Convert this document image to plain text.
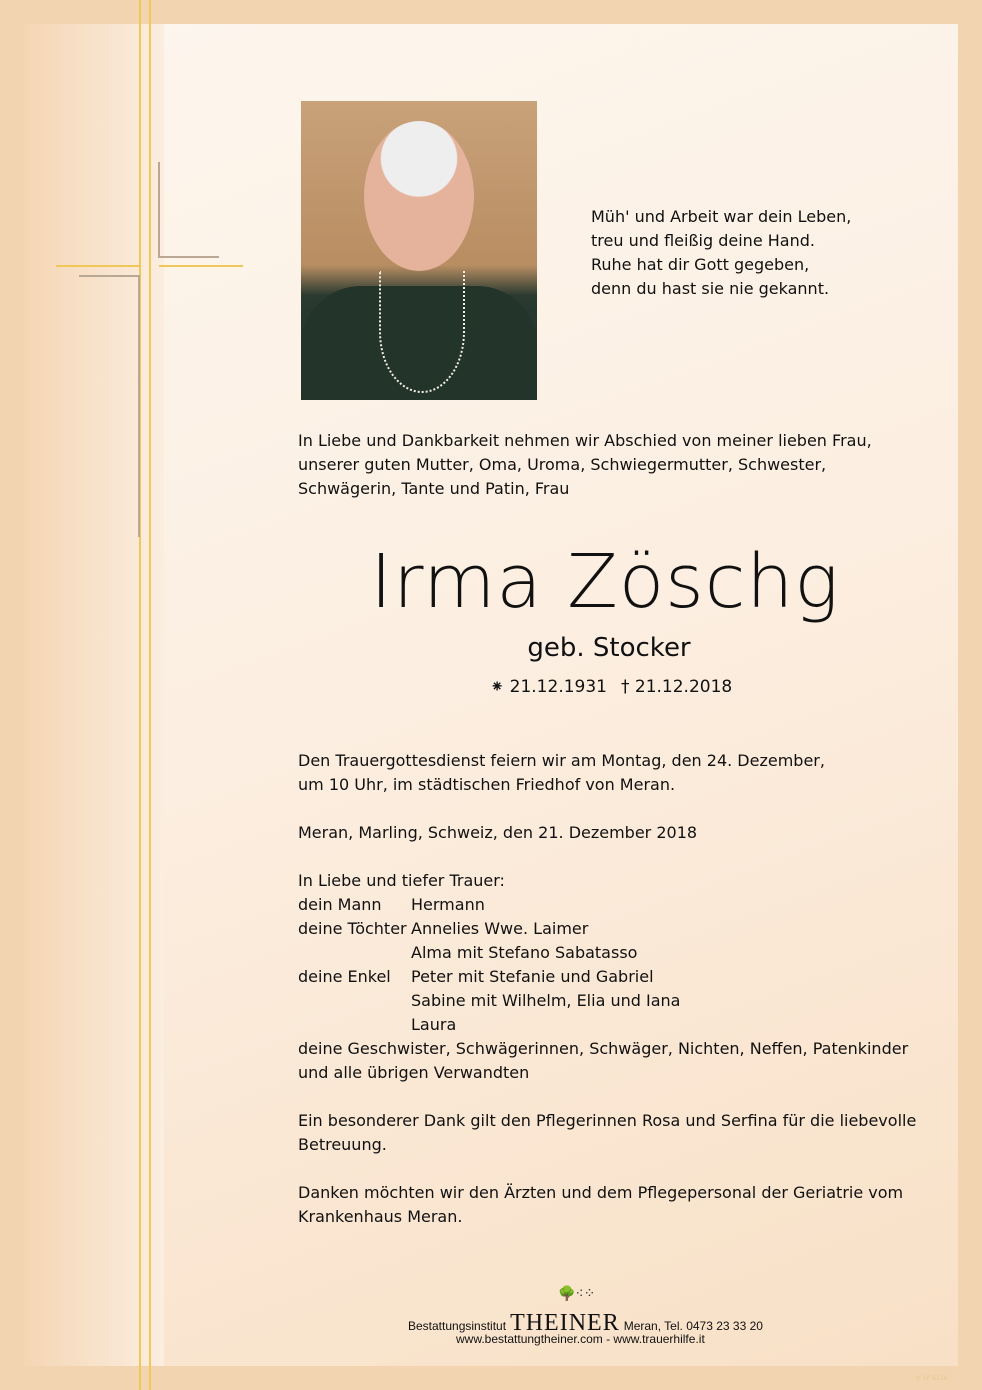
Müh' und Arbeit war dein Leben,
treu und fleißig deine Hand.
Ruhe hat dir Gott gegeben,
denn du hast sie nie gekannt.
In Liebe und Dankbarkeit nehmen wir Abschied von meiner lieben Frau, unserer guten Mutter, Oma, Uroma, Schwiegermutter, Schwester, Schwägerin, Tante und Patin, Frau
Irma Zöschg
geb. Stocker
⁕ 21.12.1931 † 21.12.2018
Den Trauergottesdienst feiern wir am Montag, den 24. Dezember,
um 10 Uhr, im städtischen Friedhof von Meran.
Meran, Marling, Schweiz, den 21. Dezember 2018
In Liebe und tiefer Trauer:
dein Mann	Hermann
deine Töchter Annelies Wwe. Laimer
Alma mit Stefano Sabatasso
deine Enkel	Peter mit Stefanie und Gabriel
Sabine mit Wilhelm, Elia und Iana
Laura
deine Geschwister, Schwägerinnen, Schwäger, Nichten, Neffen, Patenkinder
und alle übrigen Verwandten
Ein besonderer Dank gilt den Pflegerinnen Rosa und Serfina für die liebevolle
Betreuung.
Danken möchten wir den Ärzten und dem Pflegepersonal der Geriatrie vom
Krankenhaus Meran.
🌳⁖⁘
Bestattungsinstitut THEINER Meran, Tel. 0473 23 33 20
www.bestattungtheiner.com - www.trauerhilfe.it
© SP 6126
